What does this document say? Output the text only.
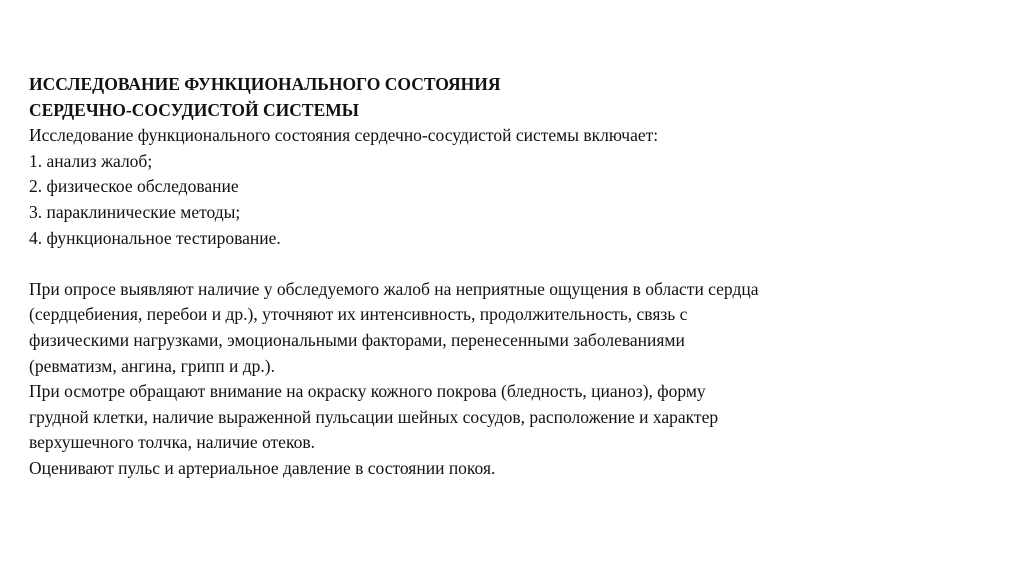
ИССЛЕДОВАНИЕ ФУНКЦИОНАЛЬНОГО СОСТОЯНИЯ
СЕРДЕЧНО-СОСУДИСТОЙ СИСТЕМЫ
Исследование функционального состояния сердечно-сосудистой системы включает:
1. анализ жалоб;
2. физическое обследование
3. параклинические методы;
4. функциональное тестирование.
При опросе выявляют наличие у обследуемого жалоб на неприятные ощущения в области сердца
(сердцебиения, перебои и др.), уточняют их интенсивность, продолжительность, связь с
физическими нагрузками, эмоциональными факторами, перенесенными заболеваниями
(ревматизм, ангина, грипп и др.).
При осмотре обращают внимание на окраску кожного покрова (бледность, цианоз), форму
грудной клетки, наличие выраженной пульсации шейных сосудов, расположение и характер
верхушечного толчка, наличие отеков.
Оценивают пульс и артериальное давление в состоянии покоя.
